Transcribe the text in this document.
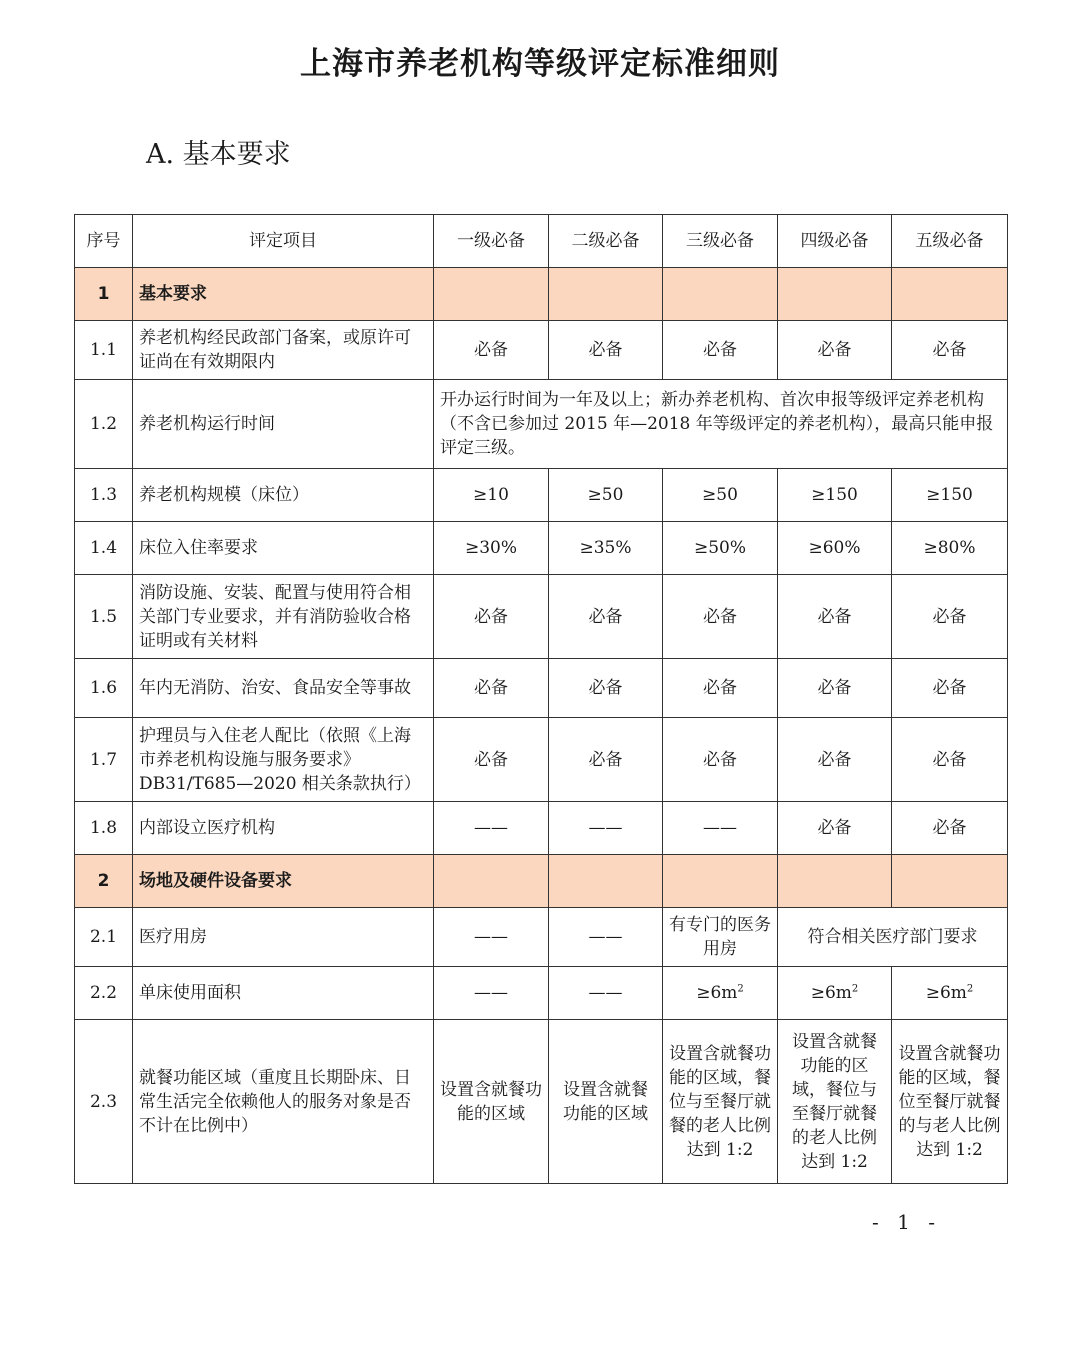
上海市养老机构等级评定标准细则
A. 基本要求
序号	评定项目	一级必备	二级必备	三级必备	四级必备	五级必备
1	基本要求					
1.1	养老机构经民政部门备案，或原许可证尚在有效期限内	必备	必备	必备	必备	必备
1.2	养老机构运行时间	开办运行时间为一年及以上；新办养老机构、首次申报等级评定养老机构（不含已参加过 2015 年—2018 年等级评定的养老机构），最高只能申报评定三级。				
1.3	养老机构规模（床位）	≥10	≥50	≥50	≥150	≥150
1.4	床位入住率要求	≥30%	≥35%	≥50%	≥60%	≥80%
1.5	消防设施、安装、配置与使用符合相关部门专业要求，并有消防验收合格证明或有关材料	必备	必备	必备	必备	必备
1.6	年内无消防、治安、食品安全等事故	必备	必备	必备	必备	必备
1.7	护理员与入住老人配比（依照《上海市养老机构设施与服务要求》DB31/T685—2020 相关条款执行）	必备	必备	必备	必备	必备
1.8	内部设立医疗机构	——	——	——	必备	必备
2	场地及硬件设备要求					
2.1	医疗用房	——	——	有专门的医务用房	符合相关医疗部门要求	
2.2	单床使用面积	——	——	$\ge 6m^2$	$\ge 6m^2$	$\ge 6m^2$
2.3	就餐功能区域（重度且长期卧床、日常生活完全依赖他人的服务对象是否不计在比例中）	设置含就餐功能的区域	设置含就餐功能的区域	设置含就餐功能的区域，餐位与至餐厅就餐的老人比例达到 1:2	设置含就餐功能的区域，餐位与至餐厅就餐的老人比例达到 1:2	设置含就餐功能的区域，餐位至餐厅就餐的与老人比例达到 1:2
- 1 -
